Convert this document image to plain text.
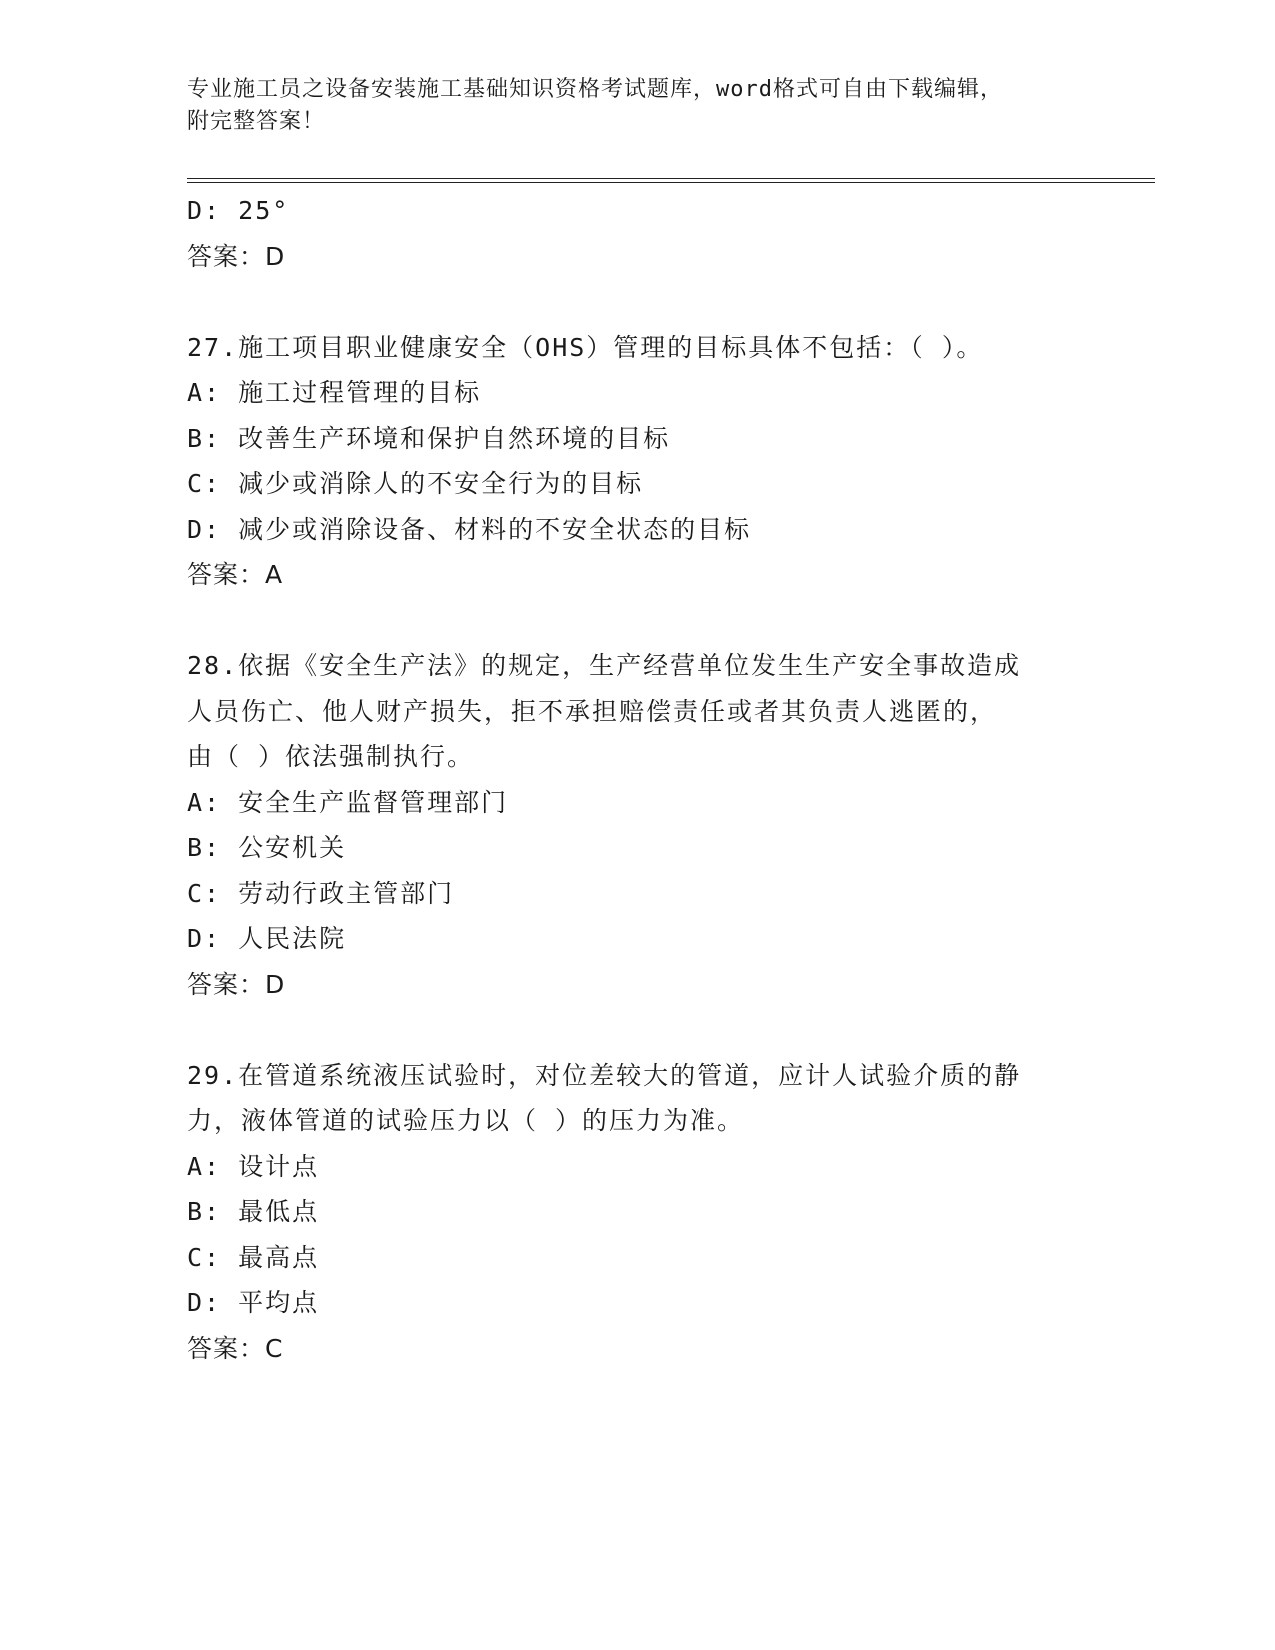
专业施工员之设备安装施工基础知识资格考试题库，word格式可自由下载编辑，
附完整答案！
D: 25°
答案：D
27.施工项目职业健康安全（OHS）管理的目标具体不包括：（ ）。
A: 施工过程管理的目标
B: 改善生产环境和保护自然环境的目标
C: 减少或消除人的不安全行为的目标
D: 减少或消除设备、材料的不安全状态的目标
答案：A
28.依据《安全生产法》的规定，生产经营单位发生生产安全事故造成
人员伤亡、他人财产损失，拒不承担赔偿责任或者其负责人逃匿的，
由（ ）依法强制执行。
A: 安全生产监督管理部门
B: 公安机关
C: 劳动行政主管部门
D: 人民法院
答案：D
29.在管道系统液压试验时，对位差较大的管道，应计人试验介质的静
力，液体管道的试验压力以（ ）的压力为准。
A: 设计点
B: 最低点
C: 最高点
D: 平均点
答案：C
